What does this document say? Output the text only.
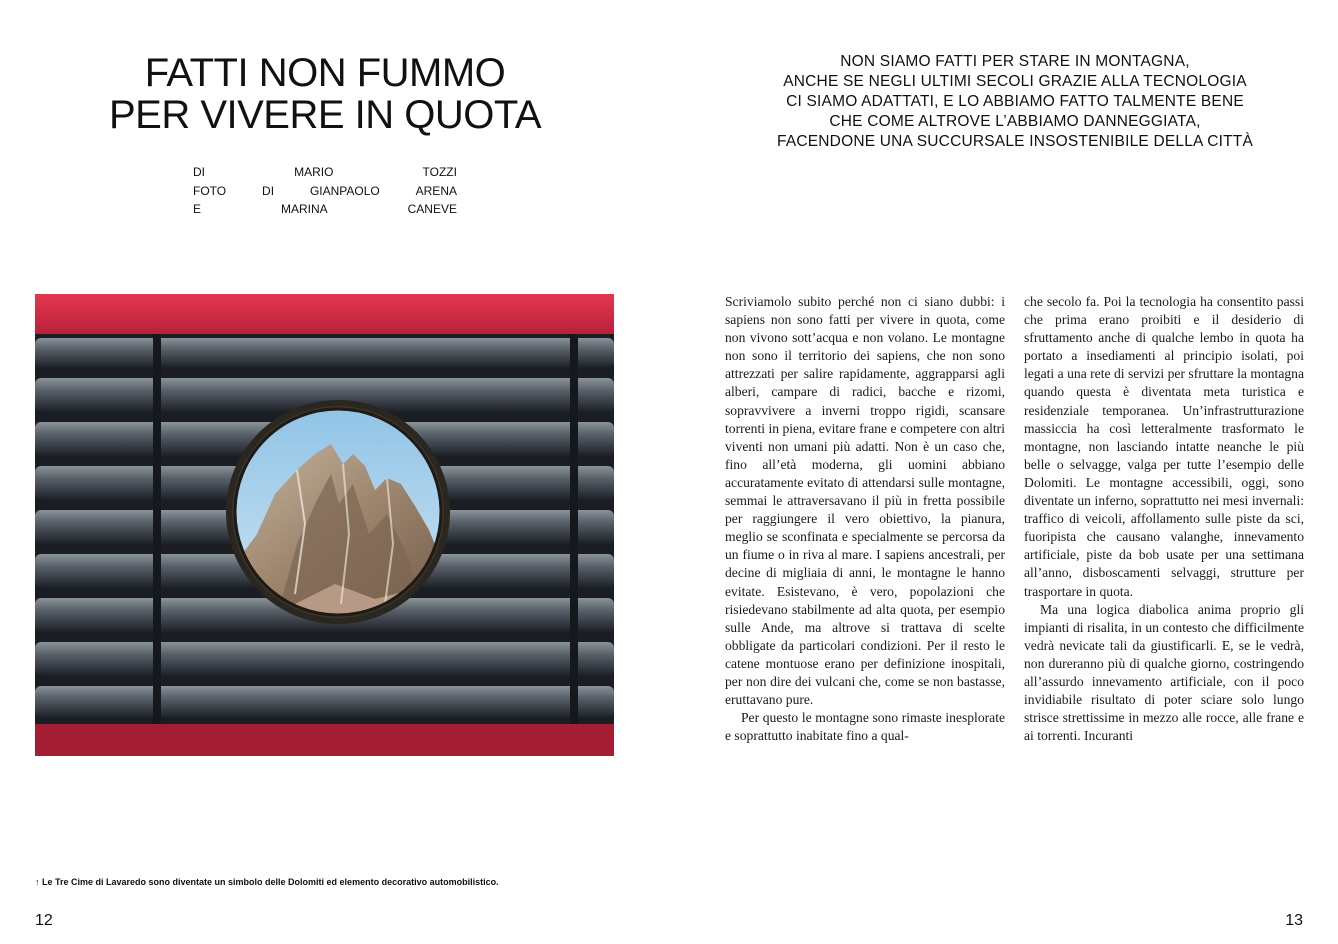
FATTI NON FUMMO
PER VIVERE IN QUOTA
DI	MARIO	TOZZI
FOTO	DI	GIANPAOLO	ARENA
E	MARINA	CANEVE
↑ Le Tre Cime di Lavaredo sono diventate un simbolo delle Dolomiti ed elemento decorativo automobilistico.
12
NON SIAMO FATTI PER STARE IN MONTAGNA,
ANCHE SE NEGLI ULTIMI SECOLI GRAZIE ALLA TECNOLOGIA
CI SIAMO ADATTATI, E LO ABBIAMO FATTO TALMENTE BENE
CHE COME ALTROVE L’ABBIAMO DANNEGGIATA,
FACENDONE UNA SUCCURSALE INSOSTENIBILE DELLA CITTÀ

Scriviamolo subito perché non ci siano dubbi: i sapiens non sono fatti per vivere in quota, come non vivono sott’acqua e non volano. Le montagne non sono il territorio dei sapiens, che non sono attrezzati per salire rapidamente, aggrapparsi agli alberi, campare di radici, bacche e rizomi, sopravvivere a inverni troppo rigidi, scansare torrenti in piena, evitare frane e competere con altri viventi non umani più adatti. Non è un caso che, fino all’età moderna, gli uomini abbiano accuratamente evitato di attendarsi sulle montagne, semmai le attraversavano il più in fretta possibile per raggiungere il vero obiettivo, la pianura, meglio se sconfinata e specialmente se percorsa da un fiume o in riva al mare. I sapiens ancestrali, per decine di migliaia di anni, le montagne le hanno evitate. Esistevano, è vero, popolazioni che risiedevano stabilmente ad alta quota, per esempio sulle Ande, ma altrove si trattava di scelte obbligate da particolari condizioni. Per il resto le catene montuose erano per definizione inospitali, per non dire dei vulcani che, come se non bastasse, eruttavano pure.

Per questo le montagne sono rimaste inesplorate e soprattutto inabitate fino a qual-

che secolo fa. Poi la tecnologia ha consentito passi che prima erano proibiti e il desiderio di sfruttamento anche di qualche lembo in quota ha portato a insediamenti al principio isolati, poi legati a una rete di servizi per sfruttare la montagna quando questa è diventata meta turistica e residenziale temporanea. Un’infrastrutturazione massiccia ha così letteralmente trasformato le montagne, non lasciando intatte neanche le più belle o selvagge, valga per tutte l’esempio delle Dolomiti. Le montagne accessibili, oggi, sono diventate un inferno, soprattutto nei mesi invernali: traffico di veicoli, affollamento sulle piste da sci, fuoripista che causano valanghe, innevamento artificiale, piste da bob usate per una settimana all’anno, disboscamenti selvaggi, strutture per trasportare in quota.

Ma una logica diabolica anima proprio gli impianti di risalita, in un contesto che difficilmente vedrà nevicate tali da giustificarli. E, se le vedrà, non dureranno più di qualche giorno, costringendo all’assurdo innevamento artificiale, con il poco invidiabile risultato di poter sciare solo lungo strisce strettissime in mezzo alle rocce, alle frane e ai torrenti. Incuranti

13
